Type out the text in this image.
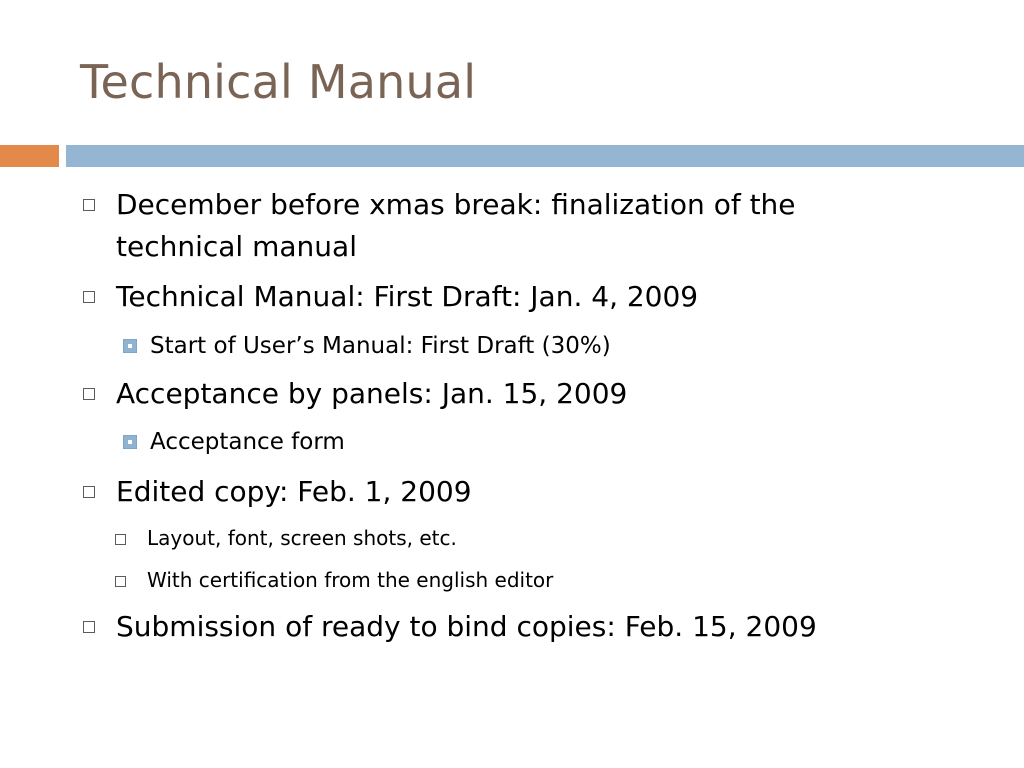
Technical Manual
December before xmas break: finalization of the technical manual
Technical Manual: First Draft: Jan. 4, 2009
Start of User’s Manual: First Draft (30%)
Acceptance by panels: Jan. 15, 2009
Acceptance form
Edited copy: Feb. 1, 2009
Layout, font, screen shots, etc.
With certification from the english editor
Submission of ready to bind copies: Feb. 15, 2009
